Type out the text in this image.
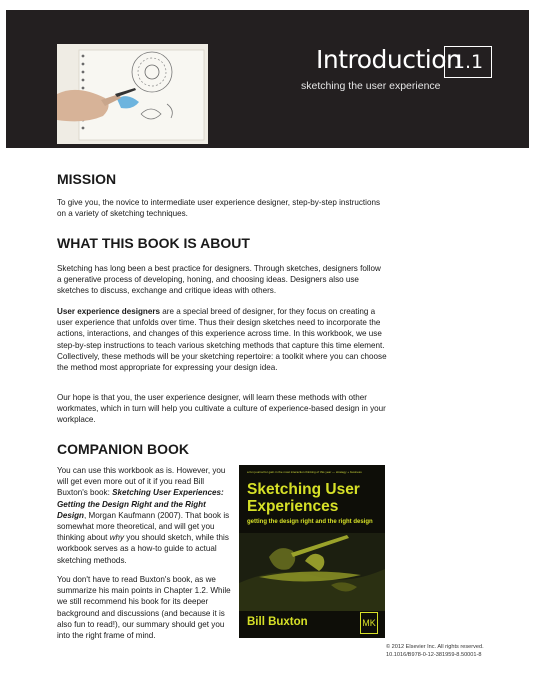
Introduction
1.1
sketching the user experience
MISSION

To give you, the novice to intermediate user experience designer, step-by-step instructions on a variety of sketching techniques.

WHAT THIS BOOK IS ABOUT

Sketching has long been a best practice for designers. Through sketches, designers follow a generative process of developing, honing, and choosing ideas. Designers also use sketches to discuss, exchange and critique ideas with others.

User experience designers are a special breed of designer, for they focus on creating a user experience that unfolds over time. Thus their design sketches need to incorporate the actions, interactions, and changes of this experience across time. In this workbook, we use step-by-step instructions to teach various sketching methods that capture this time element. Collectively, these methods will be your sketching repertoire: a toolkit where you can choose the method most appropriate for expressing your design idea.

Our hope is that you, the user experience designer, will learn these methods with other workmates, which in turn will help you cultivate a culture of experience-based design in your workplace.

COMPANION BOOK

You can use this workbook as is. However, you will get even more out of it if you read Bill Buxton's book: Sketching User Experiences: Getting the Design Right and the Right Design, Morgan Kaufmann (2007). That book is somewhat more theoretical, and will get you thinking about why you should sketch, while this workbook serves as a how-to guide to actual sketching methods.

You don't have to read Buxton's book, as we summarize his main points in Chapter 1.2. While we still recommend his book for its deeper background and discussions (and because it is also fun to read!), our summary should get you into the right frame of mind.

a fun journal for gain in the most interaction thinking of this year — strategy + business
Sketching User
Experiences
getting the design right and the right design
Bill Buxton	MK
© 2012 Elsevier Inc. All rights reserved.
10.1016/B978-0-12-381959-8.50001-8
